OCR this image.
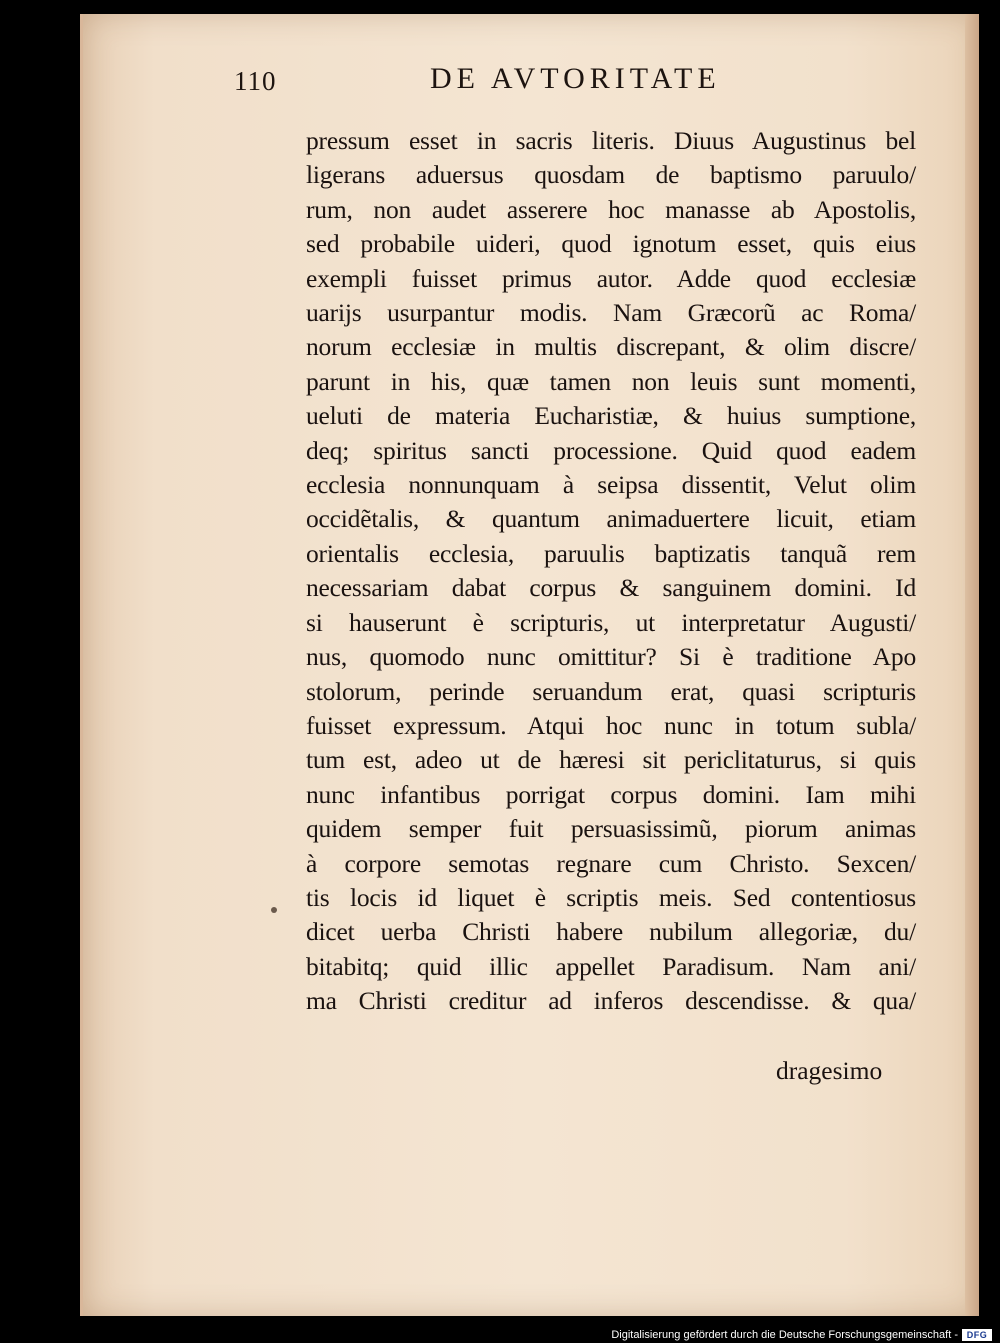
110	DE AVTORITATE
pressum esset in sacris literis. Diuus Augustinus bel
ligerans aduersus quosdam de baptismo paruulo/
rum, non audet asserere hoc manasse ab Apostolis,
sed probabile uideri, quod ignotum esset, quis eius
exempli fuisset primus autor. Adde quod ecclesiæ
uarijs usurpantur modis. Nam Græcorũ ac Roma/
norum ecclesiæ in multis discrepant, & olim discre/
parunt in his, quæ tamen non leuis sunt momenti,
ueluti de materia Eucharistiæ, & huius sumptione,
deq; spiritus sancti processione. Quid quod eadem
ecclesia nonnunquam à seipsa dissentit, Velut olim
occidẽtalis, & quantum animaduertere licuit, etiam
orientalis ecclesia, paruulis baptizatis tanquã rem
necessariam dabat corpus & sanguinem domini. Id
si hauserunt è scripturis, ut interpretatur Augusti/
nus, quomodo nunc omittitur? Si è traditione Apo
stolorum, perinde seruandum erat, quasi scripturis
fuisset expressum. Atqui hoc nunc in totum subla/
tum est, adeo ut de hæresi sit periclitaturus, si quis
nunc infantibus porrigat corpus domini. Iam mihi
quidem semper fuit persuasissimũ, piorum animas
à corpore semotas regnare cum Christo. Sexcen/
tis locis id liquet è scriptis meis. Sed contentiosus
dicet uerba Christi habere nubilum allegoriæ, du/
bitabitq; quid illic appellet Paradisum. Nam ani/
ma Christi creditur ad inferos descendisse. & qua/
dragesimo
Digitalisierung gefördert durch die Deutsche Forschungsgemeinschaft - DFG
